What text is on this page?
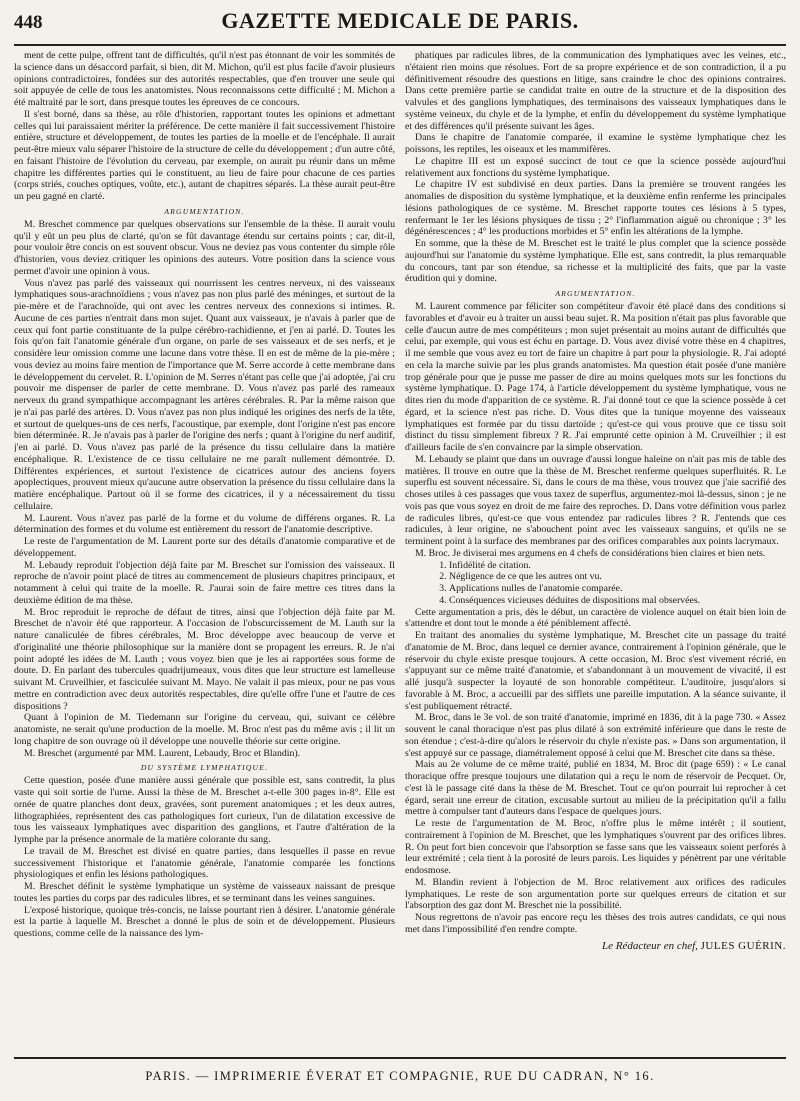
448	GAZETTE MEDICALE DE PARIS.

ment de cette pulpe, offrent tant de difficultés, qu'il n'est pas étonnant de voir les sommités de la science dans un désaccord parfait, si bien, dit M. Michon, qu'il est plus facile d'avoir plusieurs opinions contradictoires, fondées sur des autorités respectables, que d'en trouver une seule qui soit appuyée de celle de tous les anatomistes. Nous reconnaissons cette difficulté ; M. Michon a été maltraité par le sort, dans presque toutes les épreuves de ce concours.

Il s'est borné, dans sa thèse, au rôle d'historien, rapportant toutes les opinions et admettant celles qui lui paraissaient mériter la préférence. De cette manière il fait successivement l'histoire entière, structure et développement, de toutes les parties de la moelle et de l'encéphale. Il aurait peut-être mieux valu séparer l'histoire de la structure de celle du développement ; d'un autre côté, en faisant l'histoire de l'évolution du cerveau, par exemple, on aurait pu réunir dans un même chapitre les différentes parties qui le constituent, au lieu de faire pour chacune de ces parties (corps striés, couches optiques, voûte, etc.), autant de chapitres séparés. La thèse aurait peut-être un peu gagné en clarté.

ARGUMENTATION.

M. Breschet commence par quelques observations sur l'ensemble de la thèse. Il aurait voulu qu'il y eût un peu plus de clarté, qu'on se fût davantage étendu sur certains points ; car, dit-il, pour vouloir être concis on est souvent obscur. Vous ne deviez pas vous contenter du simple rôle d'historien, vous deviez critiquer les opinions des auteurs. Votre position dans la science vous permet d'avoir une opinion à vous.

Vous n'avez pas parlé des vaisseaux qui nourrissent les centres nerveux, ni des vaisseaux lymphatiques sous-arachnoïdiens ; vous n'avez pas non plus parlé des méninges, et surtout de la pie-mère et de l'arachnoïde, qui ont avec les centres nerveux des connexions si intimes. R. Aucune de ces parties n'entrait dans mon sujet. Quant aux vaisseaux, je n'avais à parler que de ceux qui font partie constituante de la pulpe cérébro-rachidienne, et j'en ai parlé. D. Toutes les fois qu'on fait l'anatomie générale d'un organe, on parle de ses vaisseaux et de ses nerfs, et je considère leur omission comme une lacune dans votre thèse. Il en est de même de la pie-mère ; vous deviez au moins faire mention de l'importance que M. Serre accorde à cette membrane dans le développement du cervelet. R. L'opinion de M. Serres n'étant pas celle que j'ai adoptée, j'ai cru pouvoir me dispenser de parler de cette membrane. D. Vous n'avez pas parlé des rameaux nerveux du grand sympathique accompagnant les artères cérébrales. R. Par la même raison que je n'ai pas parlé des artères. D. Vous n'avez pas non plus indiqué les origines des nerfs de la tête, et surtout de quelques-uns de ces nerfs, l'acoustique, par exemple, dont l'origine n'est pas encore bien déterminée. R. Je n'avais pas à parler de l'origine des nerfs ; quant à l'origine du nerf auditif, j'en ai parlé. D. Vous n'avez pas parlé de la présence du tissu cellulaire dans la matière encéphalique. R. L'existence de ce tissu cellulaire ne me paraît nullement démontrée. D. Différentes expériences, et surtout l'existence de cicatrices autour des anciens foyers apoplectiques, prouvent mieux qu'aucune autre observation la présence du tissu cellulaire dans la matière encéphalique. Partout où il se forme des cicatrices, il y a nécessairement du tissu cellulaire.

M. Laurent. Vous n'avez pas parlé de la forme et du volume de différens organes. R. La détermination des formes et du volume est entièrement du ressort de l'anatomie descriptive.

Le reste de l'argumentation de M. Laurent porte sur des détails d'anatomie comparative et de développement.

M. Lebaudy reproduit l'objection déjà faite par M. Breschet sur l'omission des vaisseaux. Il reproche de n'avoir point placé de titres au commencement de plusieurs chapitres principaux, et notamment à celui qui traite de la moelle. R. J'aurai soin de faire mettre ces titres dans la deuxième édition de ma thèse.

M. Broc reproduit le reproche de défaut de titres, ainsi que l'objection déjà faite par M. Breschet de n'avoir été que rapporteur. A l'occasion de l'obscurcissement de M. Lauth sur la nature canaliculée de fibres cérébrales, M. Broc développe avec beaucoup de verve et d'originalité une théorie philosophique sur la manière dont se propagent les erreurs. R. Je n'ai point adopté les idées de M. Lauth ; vous voyez bien que je les ai rapportées sous forme de doute. D. En parlant des tubercules quadrijumeaux, vous dites que leur structure est lamelleuse suivant M. Cruveilhier, et fasciculée suivant M. Mayo. Ne valait il pas mieux, pour ne pas vous mettre en contradiction avec deux autorités respectables, dire qu'elle offre l'une et l'autre de ces dispositions ?

Quant à l'opinion de M. Tiedemann sur l'origine du cerveau, qui, suivant ce célèbre anatomiste, ne serait qu'une production de la moelle. M. Broc n'est pas du même avis ; il lit un long chapitre de son ouvrage où il développe une nouvelle théorie sur cette origine.

M. Breschet (argumenté par MM. Laurent, Lebaudy, Broc et Blandin).

DU SYSTÈME LYMPHATIQUE.

Cette question, posée d'une manière aussi générale que possible est, sans contredit, la plus vaste qui soit sortie de l'urne. Aussi la thèse de M. Breschet a-t-elle 300 pages in-8°. Elle est ornée de quatre planches dont deux, gravées, sont purement anatomiques ; et les deux autres, lithographiées, représentent des cas pathologiques fort curieux, l'un de dilatation excessive de tous les vaisseaux lymphatiques avec disparition des ganglions, et l'autre d'altération de la lymphe par la présence anormale de la matière colorante du sang.

Le travail de M. Breschet est divisé en quatre parties, dans lesquelles il passe en revue successivement l'historique et l'anatomie générale, l'anatomie comparée les fonctions physiologiques et enfin les lésions pathologiques.

M. Breschet définit le système lymphatique un système de vaisseaux naissant de presque toutes les parties du corps par des radicules libres, et se terminant dans les veines sanguines.

L'exposé historique, quoique très-concis, ne laisse pourtant rien à désirer. L'anatomie générale est la partie à laquelle M. Breschet a donné le plus de soin et de développement. Plusieurs questions, comme celle de la naissance des lym-

phatiques par radicules libres, de la communication des lymphatiques avec les veines, etc., n'étaient rien moins que résolues. Fort de sa propre expérience et de son contradiction, il a pu définitivement résoudre des questions en litige, sans craindre le choc des opinions contraires. Dans cette première partie se candidat traite en outre de la structure et de la disposition des valvules et des ganglions lymphatiques, des terminaisons des vaisseaux lymphatiques dans le système veineux, du chyle et de la lymphe, et enfin du développement du système lymphatique et des différences qu'il présente suivant les âges.

Dans le chapitre de l'anatomie comparée, il examine le système lymphatique chez les poissons, les reptiles, les oiseaux et les mammifères.

Le chapitre III est un exposé succinct de tout ce que la science possède aujourd'hui relativement aux fonctions du système lymphatique.

Le chapitre IV est subdivisé en deux parties. Dans la première se trouvent rangées les anomalies de disposition du système lymphatique, et la deuxième enfin renferme les principales lésions pathologiques de ce système. M. Breschet rapporte toutes ces lésions à 5 types, renfermant le 1er les lésions physiques de tissu ; 2° l'inflammation aiguë ou chronique ; 3° les dégénérescences ; 4° les productions morbides et 5° enfin les altérations de la lymphe.

En somme, que la thèse de M. Breschet est le traité le plus complet que la science possède aujourd'hui sur l'anatomie du système lymphatique. Elle est, sans contredit, la plus remarquable du concours, tant par son étendue, sa richesse et la multiplicité des faits, que par la vaste érudition qui y domine.

ARGUMENTATION.

M. Laurent commence par féliciter son compétiteur d'avoir été placé dans des conditions si favorables et d'avoir eu à traiter un aussi beau sujet. R. Ma position n'était pas plus favorable que celle d'aucun autre de mes compétiteurs ; mon sujet présentait au moins autant de difficultés que celui, par exemple, qui vous est échu en partage. D. Vous avez divisé votre thèse en 4 chapitres, il me semble que vous avez eu tort de faire un chapitre à part pour la physiologie. R. J'ai adopté en cela la marche suivie par les plus grands anatomistes. Ma question était posée d'une manière trop générale pour que je pusse me passer de dire au moins quelques mots sur les fonctions du système lymphatique. D. Page 174, à l'article développement du système lymphatique, vous ne dites rien du mode d'apparition de ce système. R. J'ai donné tout ce que la science possède à cet égard, et la science n'est pas riche. D. Vous dites que la tunique moyenne des vaisseaux lymphatiques est formée par du tissu dartoïde ; qu'est-ce qui vous prouve que ce tissu soit distinct du tissu simplement fibreux ? R. J'ai emprunté cette opinion à M. Cruveilhier ; il est d'ailleurs facile de s'en convaincre par la simple observation.

M. Lebaudy se plaint que dans un ouvrage d'aussi longue haleine on n'ait pas mis de table des matières. Il trouve en outre que la thèse de M. Breschet renferme quelques superfluités. R. Le superflu est souvent nécessaire. Si, dans le cours de ma thèse, vous trouvez que j'aie sacrifié des choses utiles à ces passages que vous taxez de superflus, argumentez-moi là-dessus, sinon ; je ne vois pas que vous soyez en droit de me faire des reproches. D. Dans votre définition vous parlez de radicules libres, qu'est-ce que vous entendez par radicules libres ? R. J'entends que ces radicules, à leur origine, ne s'abouchent point avec les vaisseaux sanguins, et qu'ils ne se terminent point à la surface des membranes par des orifices comparables aux points lacrymaux.

M. Broc. Je diviserai mes argumens en 4 chefs de considérations bien claires et bien nets.

1. Infidélité de citation.
2. Négligence de ce que les autres ont vu.
3. Applications nulles de l'anatomie comparée.
4. Conséquences vicieuses déduites de dispositions mal observées.

Cette argumentation a pris, dès le début, un caractère de violence auquel on était bien loin de s'attendre et dont tout le monde a été péniblement affecté.

En traitant des anomalies du système lymphatique, M. Breschet cite un passage du traité d'anatomie de M. Broc, dans lequel ce dernier avance, contrairement à l'opinion générale, que le réservoir du chyle existe presque toujours. A cette occasion, M. Broc s'est vivement récrié, en s'appuyant sur ce même traité d'anatomie, et s'abandonnant à un mouvement de vivacité, il est allé jusqu'à suspecter la loyauté de son honorable compétiteur. L'auditoire, jusqu'alors si favorable à M. Broc, a accueilli par des sifflets une pareille imputation. A la séance suivante, il s'est publiquement rétracté.

M. Broc, dans le 3e vol. de son traité d'anatomie, imprimé en 1836, dit à la page 730. « Assez souvent le canal thoracique n'est pas plus dilaté à son extrémité inférieure que dans le reste de son étendue ; c'est-à-dire qu'alors le réservoir du chyle n'existe pas. » Dans son argumentation, il s'est appuyé sur ce passage, diamétralement opposé à celui que M. Breschet cite dans sa thèse.

Mais au 2e volume de ce même traité, publié en 1834, M. Broc dit (page 659) : « Le canal thoracique offre presque toujours une dilatation qui a reçu le nom de réservoir de Pecquet. Or, c'est là le passage cité dans la thèse de M. Breschet. Tout ce qu'on pourrait lui reprocher à cet égard, serait une erreur de citation, excusable surtout au milieu de la précipitation qu'il a fallu mettre à compulser tant d'auteurs dans l'espace de quelques jours.

Le reste de l'argumentation de M. Broc, n'offre plus le même intérêt ; il soutient, contrairement à l'opinion de M. Breschet, que les lymphatiques s'ouvrent par des orifices libres. R. On peut fort bien concevoir que l'absorption se fasse sans que les vaisseaux soient perforés à leur extrémité ; cela tient à la porosité de leurs parois. Les liquides y pénètrent par une véritable endosmose.

M. Blandin revient à l'objection de M. Broc relativement aux orifices des radicules lymphatiques. Le reste de son argumentation porte sur quelques erreurs de citation et sur l'absorption des gaz dont M. Breschet nie la possibilité.

Nous regrettons de n'avoir pas encore reçu les thèses des trois autres candidats, ce qui nous met dans l'impossibilité d'en rendre compte.

Le Rédacteur en chef, JULES GUÉRIN.
PARIS. — IMPRIMERIE ÉVERAT ET COMPAGNIE, RUE DU CADRAN, N° 16.
